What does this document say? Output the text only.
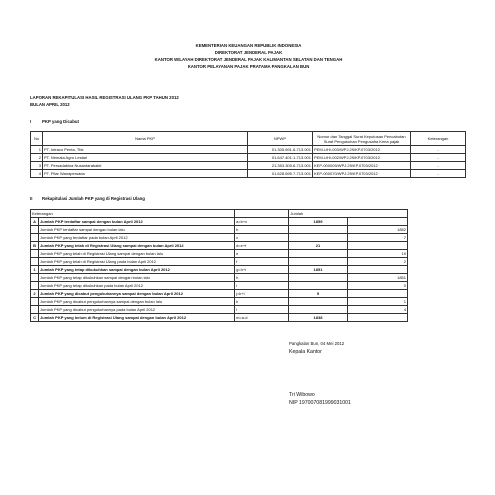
KEMENTERIAN KEUANGAN REPUBLIK INDONESIA
DIREKTORAT JENDERAL PAJAK
KANTOR WILAYAH DIREKTORAT JENDERAL PAJAK KALIMANTAN SELATAN DAN TENGAH
KANTOR PELAYANAN PAJAK PRATAMA PANGKALAN BUN
LAPORAN REKAPITULASI HASIL REGISTRASI ULANG PKP TAHUN 2012
BULAN APRIL 2012
I	PKP yang Dicabut
No	Nama PKP	NPWP	Nomor dan Tanggal Surat Keputusan Pencabutan Surat Pengukuhan Pengusaha Kena pajak	Keterangan
1	PT. Intraco Penta, Tbk	01.305.691.6-713.001	PEM-UH/-003/WPJ.29/KP.0703/2012	-
2	PT. Nirmala Agro Lestari	01.647.401.1-713.001	PEM-UH/-002/WPJ.29/KP.0703/2012	-
3	PT. Persadabina Nusantarabakti	21.353.305.6-713.001	KEP-000009/WPJ.29/KP.0703/2012	-
4	PT. Pilar Wanapersada	01.628.695.7-713.001	KEP-000070/WPJ.29/KP.0703/2012	-
II Rekapitulasi Jumlah PKP yang di Registrasi Ulang
Keterangan			Jumlah	
A	Jumlah PKP terdaftar sampai dengan bulan April 2012	a=b+c	1859	
	Jumlah PKP terdaftar sampai dengan bulan lalu	b		1852
	Jumlah PKP yang terdaftar pada bulan April 2012	c		7
B	Jumlah PKP yang telah di Registrasi Ulang sampai dengan bulan April 2012	d=e+f	21	
	Jumlah PKP yang telah di Registrasi Ulang sampai dengan bulan lalu	e		19
	Jumlah PKP yang telah di Registrasi Ulang pada bulan April 2012	f		2
1	Jumlah PKP yang tetap dikukuhkan sampai dengan bulan April 2012	g=h+i	1851	
	Jumlah PKP yang tetap dikukuhkan sampai dengan bulan lalu	h		1851
	Jumlah PKP yang tetap dikukuhkan pada bulan April 2012	i		0
2	Jumlah PKP yang dicabut pengukuhannya sampai dengan bulan April 2012	j=k+l	5	
	Jumlah PKP yang dicabut pengukuhannya sampai dengan bulan lalu	k		1
	Jumlah PKP yang dicabut pengukuhannya pada bulan April 2012	l		4
C	Jumlah PKP yang belum di Registrasi Ulang sampai dengan bulan April 2012	m=a-d	1838	
Pangkalan Bun, 04 Mei 2012
Kepala Kantor
Tri Wibowo
NIP 197007081999031001
